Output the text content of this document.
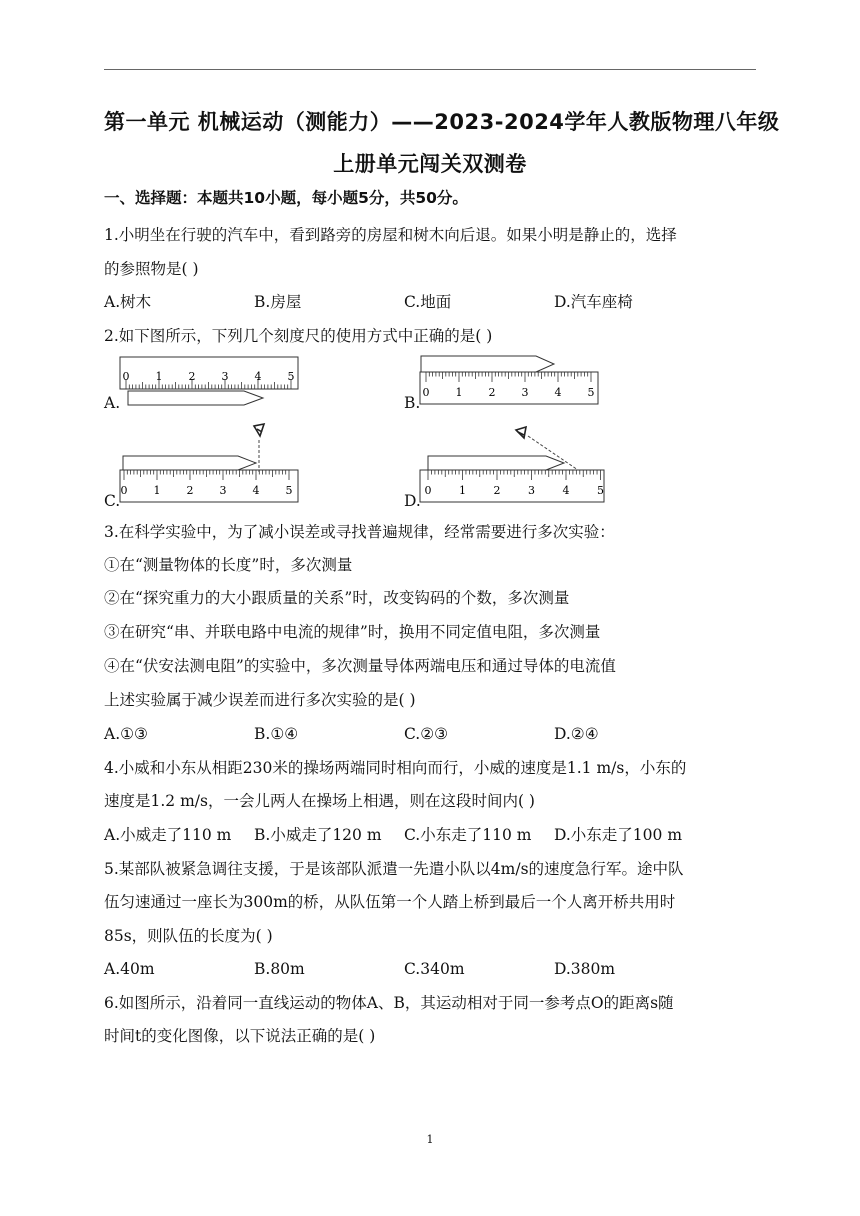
第一单元 机械运动（测能力）——2023-2024学年人教版物理八年级
上册单元闯关双测卷
一、选择题：本题共10小题，每小题5分，共50分。
1.小明坐在行驶的汽车中，看到路旁的房屋和树木向后退。如果小明是静止的，选择
的参照物是( )
A.树木	B.房屋	C.地面	D.汽车座椅
2.如下图所示，下列几个刻度尺的使用方式中正确的是( )
A.
0 1 2 3 4 5
B.
0 1 2 3 4 5
C.
0 1 2 3 4 5
D.
0	1	2	3	4	5
3.在科学实验中，为了减小误差或寻找普遍规律，经常需要进行多次实验：
①在“测量物体的长度”时，多次测量
②在“探究重力的大小跟质量的关系”时，改变钩码的个数，多次测量
③在研究“串、并联电路中电流的规律”时，换用不同定值电阻，多次测量
④在“伏安法测电阻”的实验中，多次测量导体两端电压和通过导体的电流值
上述实验属于减少误差而进行多次实验的是( )
A.①③	B.①④	C.②③	D.②④
4.小威和小东从相距230米的操场两端同时相向而行，小威的速度是1.1 m/s，小东的
速度是1.2 m/s，一会儿两人在操场上相遇，则在这段时间内( )
A.小威走了110 m B.小威走了120 m C.小东走了110 m D.小东走了100 m
5.某部队被紧急调往支援，于是该部队派遣一先遣小队以4m/s的速度急行军。途中队
伍匀速通过一座长为300m的桥，从队伍第一个人踏上桥到最后一个人离开桥共用时
85s，则队伍的长度为( )
A.40m	B.80m	C.340m	D.380m
6.如图所示，沿着同一直线运动的物体A、B，其运动相对于同一参考点O的距离s随
时间t的变化图像，以下说法正确的是( )
1
